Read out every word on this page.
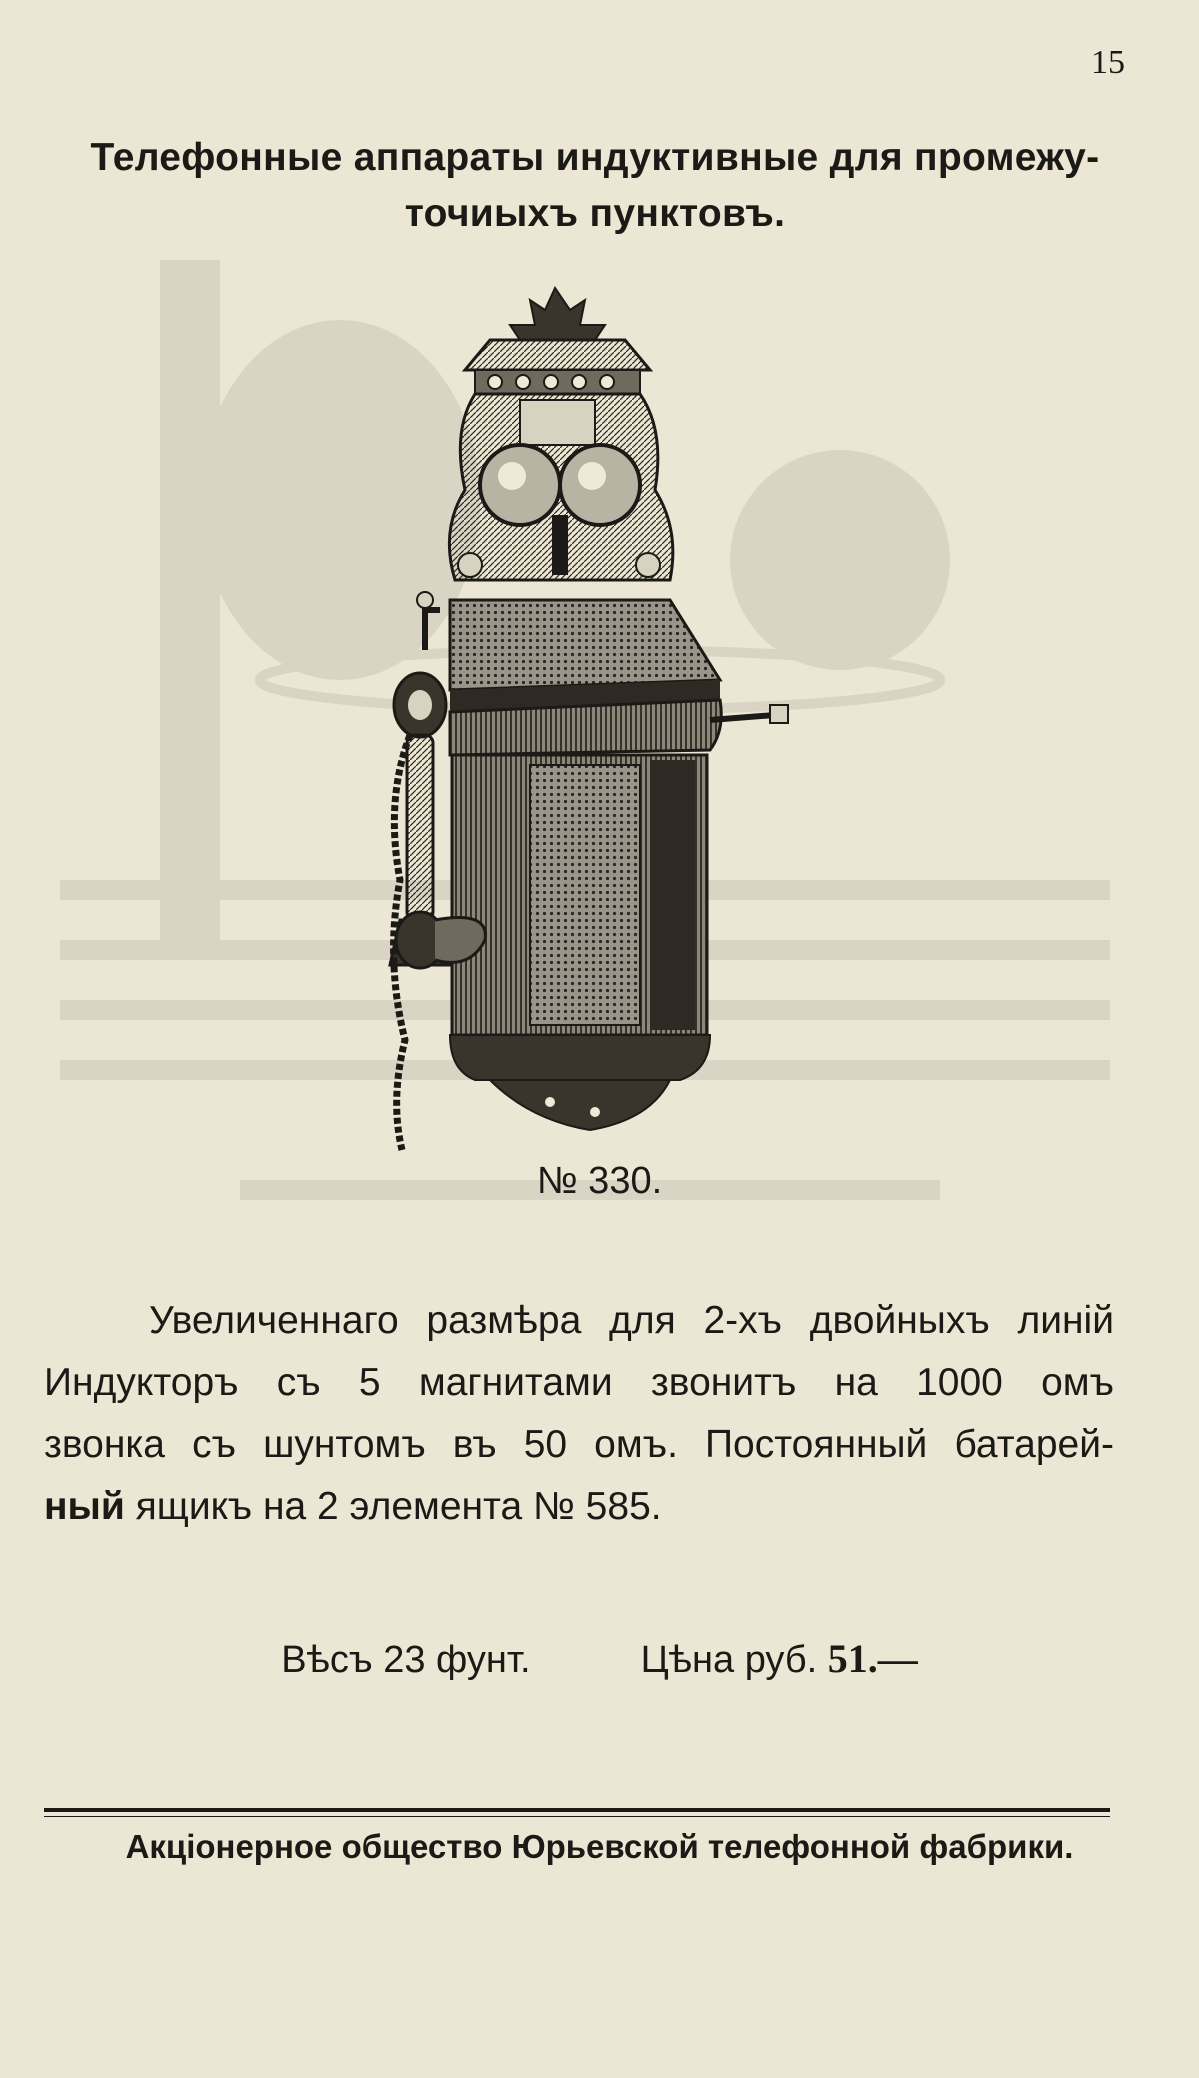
15
Телефонные аппараты индуктивные для промежу-
точиыхъ пунктовъ.
№ 330.
Увеличеннаго размѣра для 2-хъ двойныхъ линій
Индукторъ съ 5 магнитами звонитъ на 1000 омъ
звонка съ шунтомъ въ 50 омъ. Постоянный батарей-
ный ящикъ на 2 элемента № 585.
Вѣсъ 23 фунт.	Цѣна руб. 51.—
Акціонерное общество Юрьевской телефонной фабрики.
